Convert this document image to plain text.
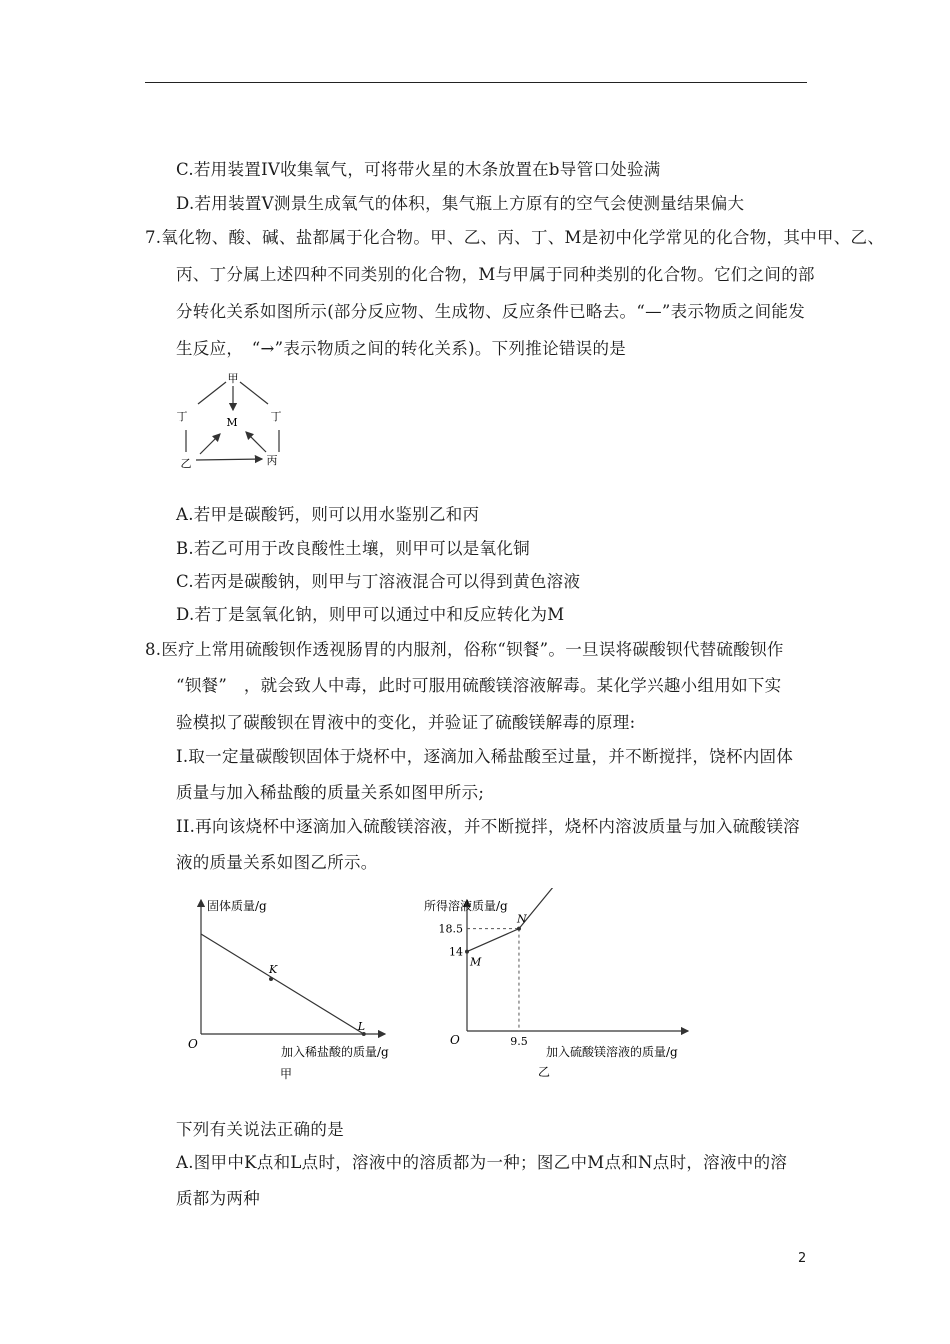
C.若用装置IV收集氧气，可将带火星的木条放置在b导管口处验满
D.若用装置V测景生成氧气的体积，集气瓶上方原有的空气会使测量结果偏大
7.氧化物、酸、碱、盐都属于化合物。甲、乙、丙、丁、M是初中化学常见的化合物，其中甲、乙、
丙、丁分属上述四种不同类别的化合物，M与甲属于同种类别的化合物。它们之间的部
分转化关系如图所示(部分反应物、生成物、反应条件已略去。“—”表示物质之间能发
生反应，　“→”表示物质之间的转化关系)。下列推论错误的是
甲
丁	丁
M
乙	丙
A.若甲是碳酸钙，则可以用水鉴别乙和丙
B.若乙可用于改良酸性土壤，则甲可以是氧化铜
C.若丙是碳酸钠，则甲与丁溶液混合可以得到黄色溶液
D.若丁是氢氧化钠，则甲可以通过中和反应转化为M
8.医疗上常用硫酸钡作透视肠胃的内服剂，俗称“钡餐”。一旦误将碳酸钡代替硫酸钡作
“钡餐”　，就会致人中毒，此时可服用硫酸镁溶液解毒。某化学兴趣小组用如下实
验模拟了碳酸钡在胃液中的变化，并验证了硫酸镁解毒的原理:
I.取一定量碳酸钡固体于烧杯中，逐滴加入稀盐酸至过量，并不断搅拌，饶杯内固体
质量与加入稀盐酸的质量关系如图甲所示;
II.再向该烧杯中逐滴加入硫酸镁溶液，并不断搅拌，烧杯内溶波质量与加入硫酸镁溶
液的质量关系如图乙所示。
K
L
固体质量/g
O
加入稀盐酸的质量/g
甲
M
N
18.5
14
9.5
所得溶液质量/g
O
加入硫酸镁溶液的质量/g
乙
下列有关说法正确的是
A.图甲中K点和L点时，溶液中的溶质都为一种；图乙中M点和N点时，溶液中的溶
质都为两种
2
